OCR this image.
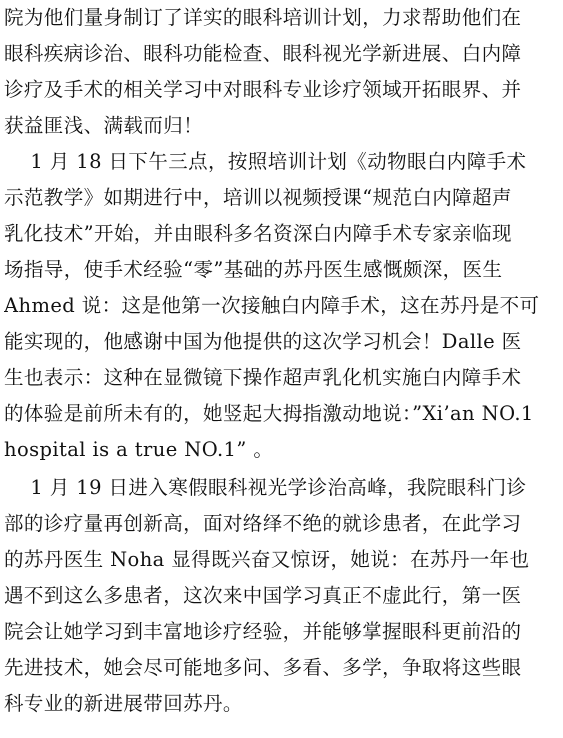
院为他们量身制订了详实的眼科培训计划，力求帮助他们在
眼科疾病诊治、眼科功能检查、眼科视光学新进展、白内障
诊疗及手术的相关学习中对眼科专业诊疗领域开拓眼界、并
获益匪浅、满载而归！
1 月 18 日下午三点，按照培训计划《动物眼白内障手术
示范教学》如期进行中，培训以视频授课“规范白内障超声
乳化技术”开始，并由眼科多名资深白内障手术专家亲临现
场指导，使手术经验“零”基础的苏丹医生感慨颇深，医生
Ahmed 说：这是他第一次接触白内障手术，这在苏丹是不可
能实现的，他感谢中国为他提供的这次学习机会！Dalle 医
生也表示：这种在显微镜下操作超声乳化机实施白内障手术
的体验是前所未有的，她竖起大拇指激动地说：”Xi’an NO.1
hospital is a true NO.1” 。
1 月 19 日进入寒假眼科视光学诊治高峰，我院眼科门诊
部的诊疗量再创新高，面对络绎不绝的就诊患者，在此学习
的苏丹医生 Noha 显得既兴奋又惊讶，她说：在苏丹一年也
遇不到这么多患者，这次来中国学习真正不虚此行，第一医
院会让她学习到丰富地诊疗经验，并能够掌握眼科更前沿的
先进技术，她会尽可能地多问、多看、多学，争取将这些眼
科专业的新进展带回苏丹。
